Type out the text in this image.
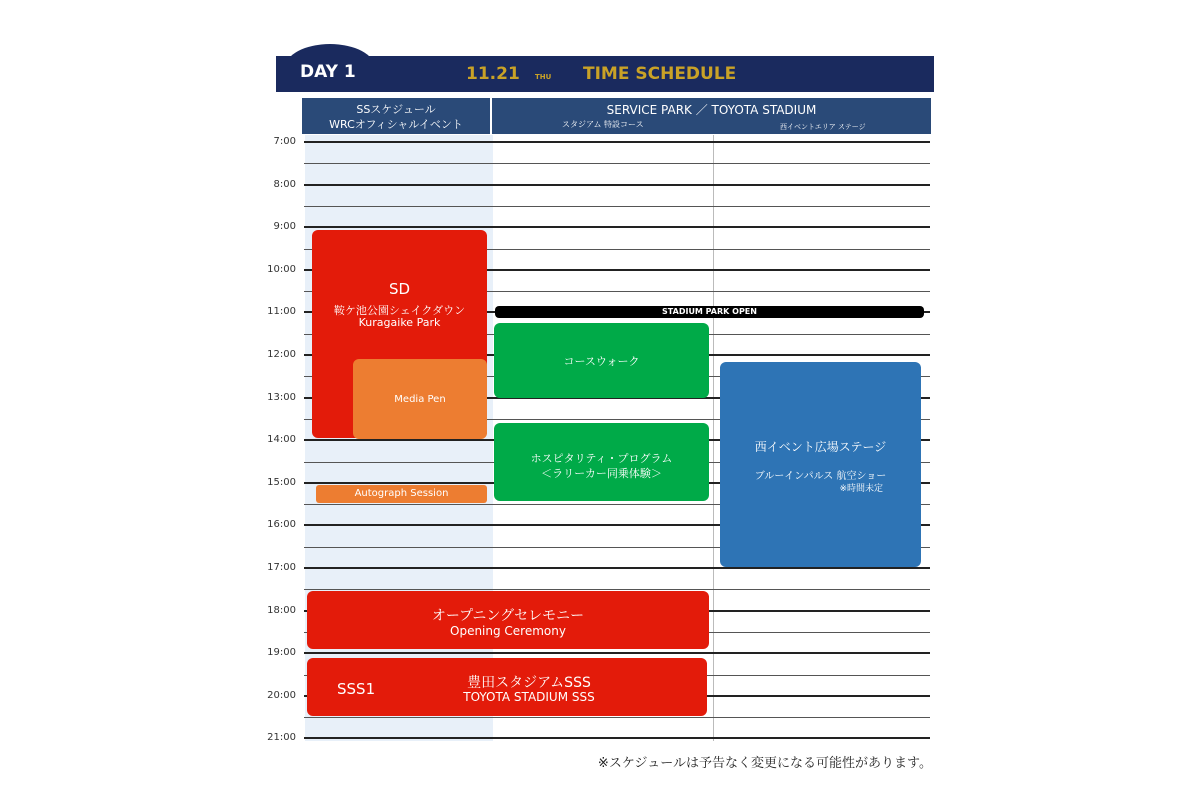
DAY 1	11.21 THU TIME SCHEDULE
SSスケジュール
WRCオフィシャルイベント
SERVICE PARK ／ TOYOTA STADIUM
スタジアム 特設コース	西イベントエリア ステージ
7:00
8:00
9:00
10:00
11:00
12:00
13:00
14:00
15:00
16:00
17:00
18:00
19:00
20:00
21:00
SD
鞍ケ池公園シェイクダウン
Kuragaike Park
Media Pen
Autograph Session
STADIUM PARK OPEN
コースウォーク
ホスピタリティ・プログラム
＜ラリーカー同乗体験＞
西イベント広場ステージ
ブルーインパルス 航空ショー
※時間未定
オープニングセレモニー
Opening Ceremony
SSS1	豊田スタジアムSSS
TOYOTA STADIUM SSS
※スケジュールは予告なく変更になる可能性があります。
